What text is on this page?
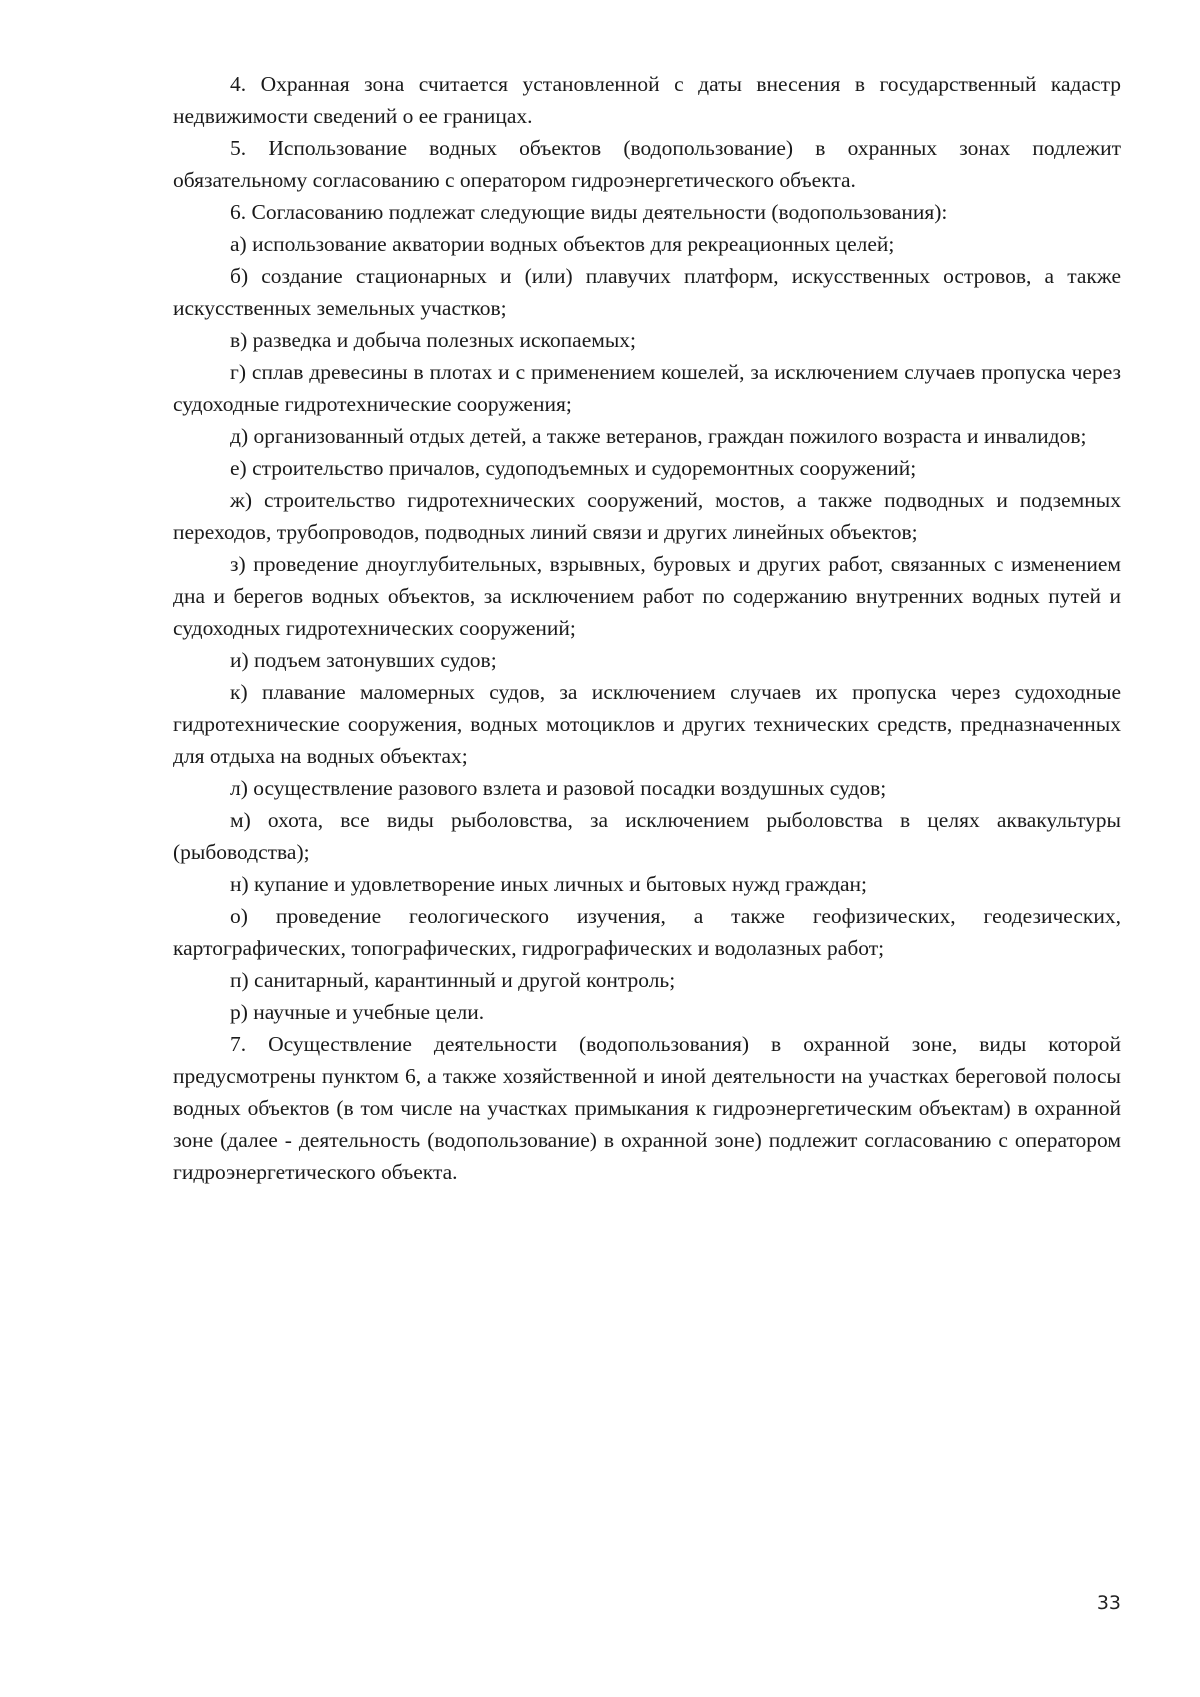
4. Охранная зона считается установленной с даты внесения в государственный кадастр недвижимости сведений о ее границах.

5. Использование водных объектов (водопользование) в охранных зонах подлежит обязательному согласованию с оператором гидроэнергетического объекта.

6. Согласованию подлежат следующие виды деятельности (водопользования):

а) использование акватории водных объектов для рекреационных целей;

б) создание стационарных и (или) плавучих платформ, искусственных островов, а также искусственных земельных участков;

в) разведка и добыча полезных ископаемых;

г) сплав древесины в плотах и с применением кошелей, за исключением случаев пропуска через судоходные гидротехнические сооружения;

д) организованный отдых детей, а также ветеранов, граждан пожилого возраста и инвалидов;

е) строительство причалов, судоподъемных и судоремонтных сооружений;

ж) строительство гидротехнических сооружений, мостов, а также подводных и подземных переходов, трубопроводов, подводных линий связи и других линейных объектов;

з) проведение дноуглубительных, взрывных, буровых и других работ, связанных с изменением дна и берегов водных объектов, за исключением работ по содержанию внутренних водных путей и судоходных гидротехнических сооружений;

и) подъем затонувших судов;

к) плавание маломерных судов, за исключением случаев их пропуска через судоходные гидротехнические сооружения, водных мотоциклов и других технических средств, предназначенных для отдыха на водных объектах;

л) осуществление разового взлета и разовой посадки воздушных судов;

м) охота, все виды рыболовства, за исключением рыболовства в целях аквакультуры (рыбоводства);

н) купание и удовлетворение иных личных и бытовых нужд граждан;

о) проведение геологического изучения, а также геофизических, геодезических, картографических, топографических, гидрографических и водолазных работ;

п) санитарный, карантинный и другой контроль;

р) научные и учебные цели.

7. Осуществление деятельности (водопользования) в охранной зоне, виды которой предусмотрены пунктом 6, а также хозяйственной и иной деятельности на участках береговой полосы водных объектов (в том числе на участках примыкания к гидроэнергетическим объектам) в охранной зоне (далее - деятельность (водопользование) в охранной зоне) подлежит согласованию с оператором гидроэнергетического объекта.

33
